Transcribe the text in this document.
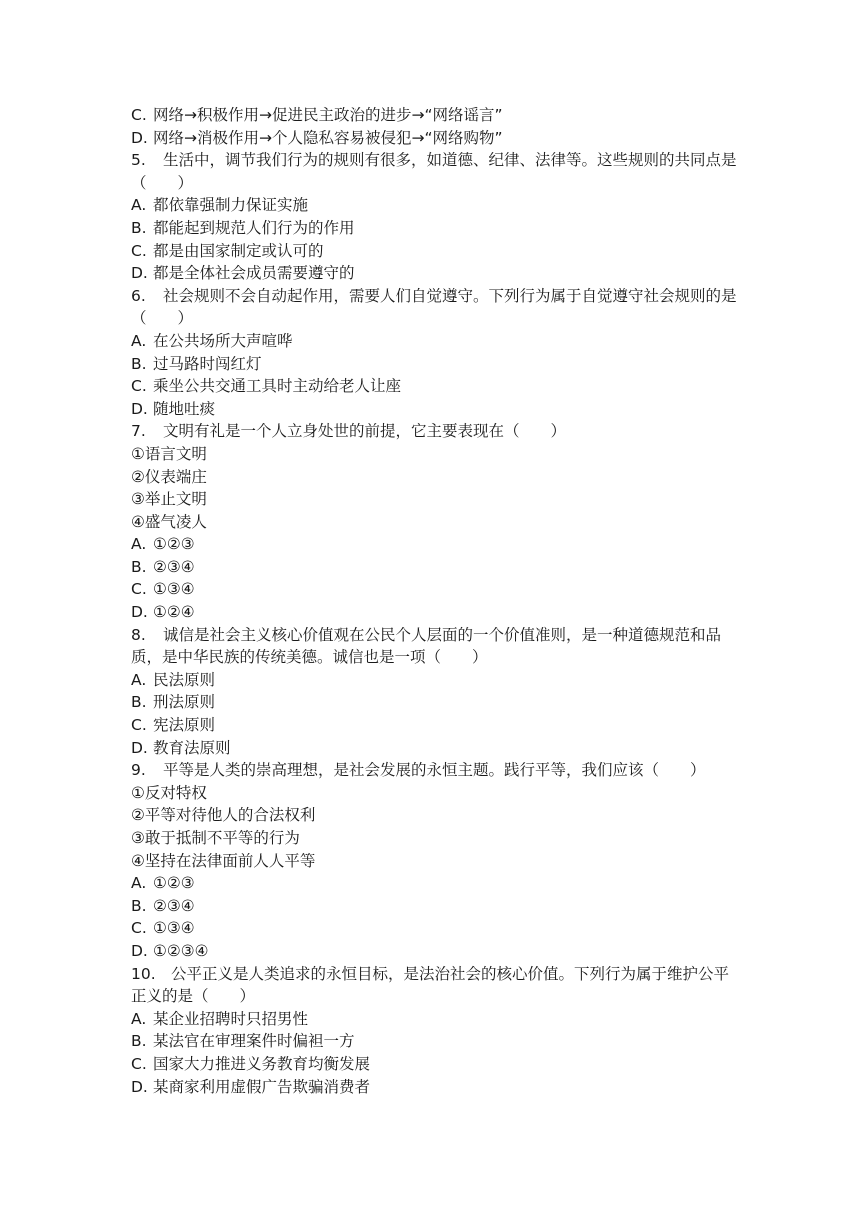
C. 网络→积极作用→促进民主政治的进步→“网络谣言”
D. 网络→消极作用→个人隐私容易被侵犯→“网络购物”
5. 生活中，调节我们行为的规则有很多，如道德、纪律、法律等。这些规则的共同点是（　　）
A. 都依靠强制力保证实施
B. 都能起到规范人们行为的作用
C. 都是由国家制定或认可的
D. 都是全体社会成员需要遵守的
6. 社会规则不会自动起作用，需要人们自觉遵守。下列行为属于自觉遵守社会规则的是（　　）
A. 在公共场所大声喧哗
B. 过马路时闯红灯
C. 乘坐公共交通工具时主动给老人让座
D. 随地吐痰
7. 文明有礼是一个人立身处世的前提，它主要表现在（　　）
①语言文明
②仪表端庄
③举止文明
④盛气凌人
A. ①②③
B. ②③④
C. ①③④
D. ①②④
8. 诚信是社会主义核心价值观在公民个人层面的一个价值准则，是一种道德规范和品质，是中华民族的传统美德。诚信也是一项（　　）
A. 民法原则
B. 刑法原则
C. 宪法原则
D. 教育法原则
9. 平等是人类的崇高理想，是社会发展的永恒主题。践行平等，我们应该（　　）
①反对特权
②平等对待他人的合法权利
③敢于抵制不平等的行为
④坚持在法律面前人人平等
A. ①②③
B. ②③④
C. ①③④
D. ①②③④
10. 公平正义是人类追求的永恒目标，是法治社会的核心价值。下列行为属于维护公平正义的是（　　）
A. 某企业招聘时只招男性
B. 某法官在审理案件时偏袒一方
C. 国家大力推进义务教育均衡发展
D. 某商家利用虚假广告欺骗消费者
